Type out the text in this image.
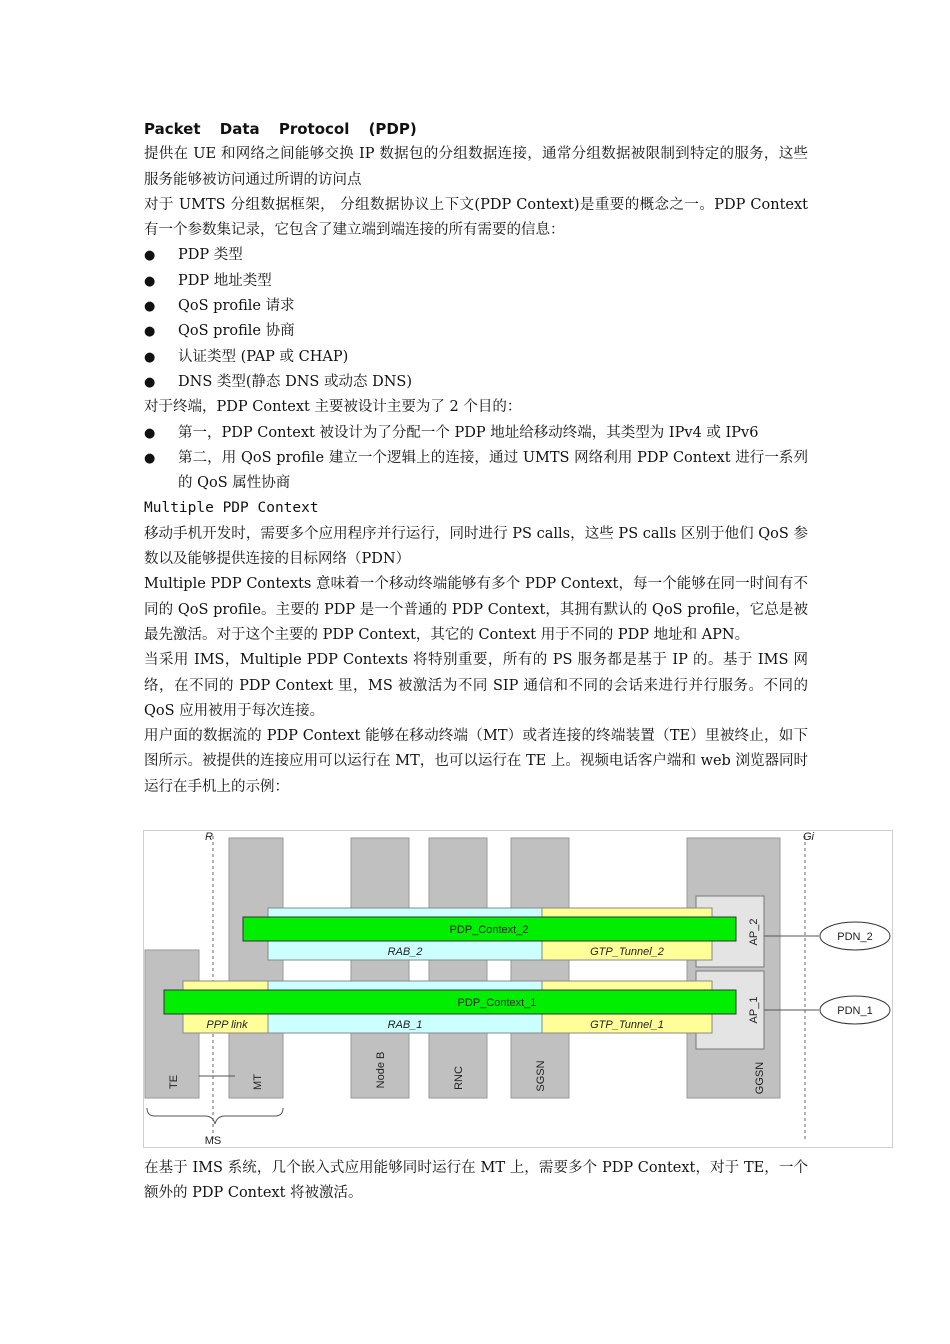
Packet Data Protocol (PDP)

提供在 UE 和网络之间能够交换 IP 数据包的分组数据连接，通常分组数据被限制到特定的服务，这些服务能够被访问通过所谓的访问点

对于 UMTS 分组数据框架， 分组数据协议上下文(PDP Context)是重要的概念之一。PDP Context 有一个参数集记录，它包含了建立端到端连接的所有需要的信息：

●	PDP 类型
●	PDP 地址类型
●	QoS profile 请求
●	QoS profile 协商
●	认证类型 (PAP 或 CHAP)
●	DNS 类型(静态 DNS 或动态 DNS)

对于终端，PDP Context 主要被设计主要为了 2 个目的：

●	第一，PDP Context 被设计为了分配一个 PDP 地址给移动终端，其类型为 IPv4 或 IPv6
●	第二，用 QoS profile 建立一个逻辑上的连接，通过 UMTS 网络利用 PDP Context 进行一系列的 QoS 属性协商

Multiple PDP Context

移动手机开发时，需要多个应用程序并行运行，同时进行 PS calls，这些 PS calls 区别于他们 QoS 参数以及能够提供连接的目标网络（PDN）

Multiple PDP Contexts 意味着一个移动终端能够有多个 PDP Context，每一个能够在同一时间有不同的 QoS profile。主要的 PDP 是一个普通的 PDP Context，其拥有默认的 QoS profile，它总是被最先激活。对于这个主要的 PDP Context，其它的 Context 用于不同的 PDP 地址和 APN。

当采用 IMS，Multiple PDP Contexts 将特别重要，所有的 PS 服务都是基于 IP 的。基于 IMS 网络，在不同的 PDP Context 里，MS 被激活为不同 SIP 通信和不同的会话来进行并行服务。不同的 QoS 应用被用于每次连接。

用户面的数据流的 PDP Context 能够在移动终端（MT）或者连接的终端装置（TE）里被终止，如下图所示。被提供的连接应用可以运行在 MT，也可以运行在 TE 上。视频电话客户端和 web 浏览器同时运行在手机上的示例：

R	Gi
PDP_Context_2
RAB_2	GTP_Tunnel_2
PDP_Context_1
PPP link	RAB_1	GTP_Tunnel_1
AP_2
AP_1
PDN_2
PDN_1
TE	MT	Node B	RNC	SGSN	GGSN
MS

在基于 IMS 系统，几个嵌入式应用能够同时运行在 MT 上，需要多个 PDP Context，对于 TE，一个额外的 PDP Context 将被激活。
